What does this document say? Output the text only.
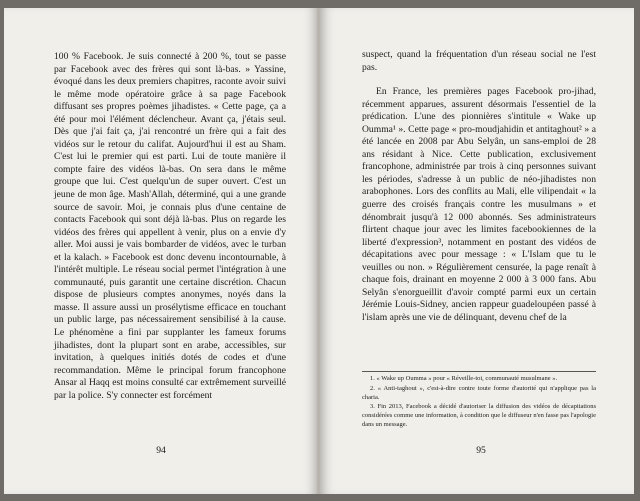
100 % Facebook. Je suis connecté à 200 %, tout se passe par Facebook avec des frères qui sont là-bas. » Yassine, évoqué dans les deux premiers chapitres, raconte avoir suivi le même mode opératoire grâce à sa page Facebook diffusant ses propres poèmes jihadistes. « Cette page, ça a été pour moi l'élément déclencheur. Avant ça, j'étais seul. Dès que j'ai fait ça, j'ai rencontré un frère qui a fait des vidéos sur le retour du califat. Aujourd'hui il est au Sham. C'est lui le premier qui est parti. Lui de toute manière il compte faire des vidéos là-bas. On sera dans le même groupe que lui. C'est quelqu'un de super ouvert. C'est un jeune de mon âge. Mash'Allah, déterminé, qui a une grande source de savoir. Moi, je connais plus d'une centaine de contacts Facebook qui sont déjà là-bas. Plus on regarde les vidéos des frères qui appellent à venir, plus on a envie d'y aller. Moi aussi je vais bombarder de vidéos, avec le turban et la kalach. » Facebook est donc devenu incontournable, à l'intérêt multiple. Le réseau social permet l'intégration à une communauté, puis garantit une certaine discrétion. Chacun dispose de plusieurs comptes anonymes, noyés dans la masse. Il assure aussi un prosélytisme efficace en touchant un public large, pas nécessairement sensibilisé à la cause. Le phénomène a fini par supplanter les fameux forums jihadistes, dont la plupart sont en arabe, accessibles, sur invitation, à quelques initiés dotés de codes et d'une recommandation. Même le principal forum francophone Ansar al Haqq est moins consulté car extrêmement surveillé par la police. S'y connecter est forcément

94

suspect, quand la fréquentation d'un réseau social ne l'est pas.

En France, les premières pages Facebook pro-jihad, récemment apparues, assurent désormais l'essentiel de la prédication. L'une des pionnières s'intitule « Wake up Oumma¹ ». Cette page « pro-moudjahidin et antitaghout² » a été lancée en 2008 par Abu Selyân, un sans-emploi de 28 ans résidant à Nice. Cette publication, exclusivement francophone, administrée par trois à cinq personnes suivant les périodes, s'adresse à un public de néo-jihadistes non arabophones. Lors des conflits au Mali, elle vilipendait « la guerre des croisés français contre les musulmans » et dénombrait jusqu'à 12 000 abonnés. Ses administrateurs flirtent chaque jour avec les limites facebookiennes de la liberté d'expression³, notamment en postant des vidéos de décapitations avec pour message : « L'Islam que tu le veuilles ou non. » Régulièrement censurée, la page renaît à chaque fois, drainant en moyenne 2 000 à 3 000 fans. Abu Selyân s'enorgueillit d'avoir compté parmi eux un certain Jérémie Louis-Sidney, ancien rappeur guadeloupéen passé à l'islam après une vie de délinquant, devenu chef de la

1. « Wake up Oumma » pour « Réveille-toi, communauté musulmane ».

2. « Anti-taghout », c'est-à-dire contre toute forme d'autorité qui n'applique pas la charia.

3. Fin 2013, Facebook a décidé d'autoriser la diffusion des vidéos de décapitations considérées comme une information, à condition que le diffuseur n'en fasse pas l'apologie dans un message.

95
